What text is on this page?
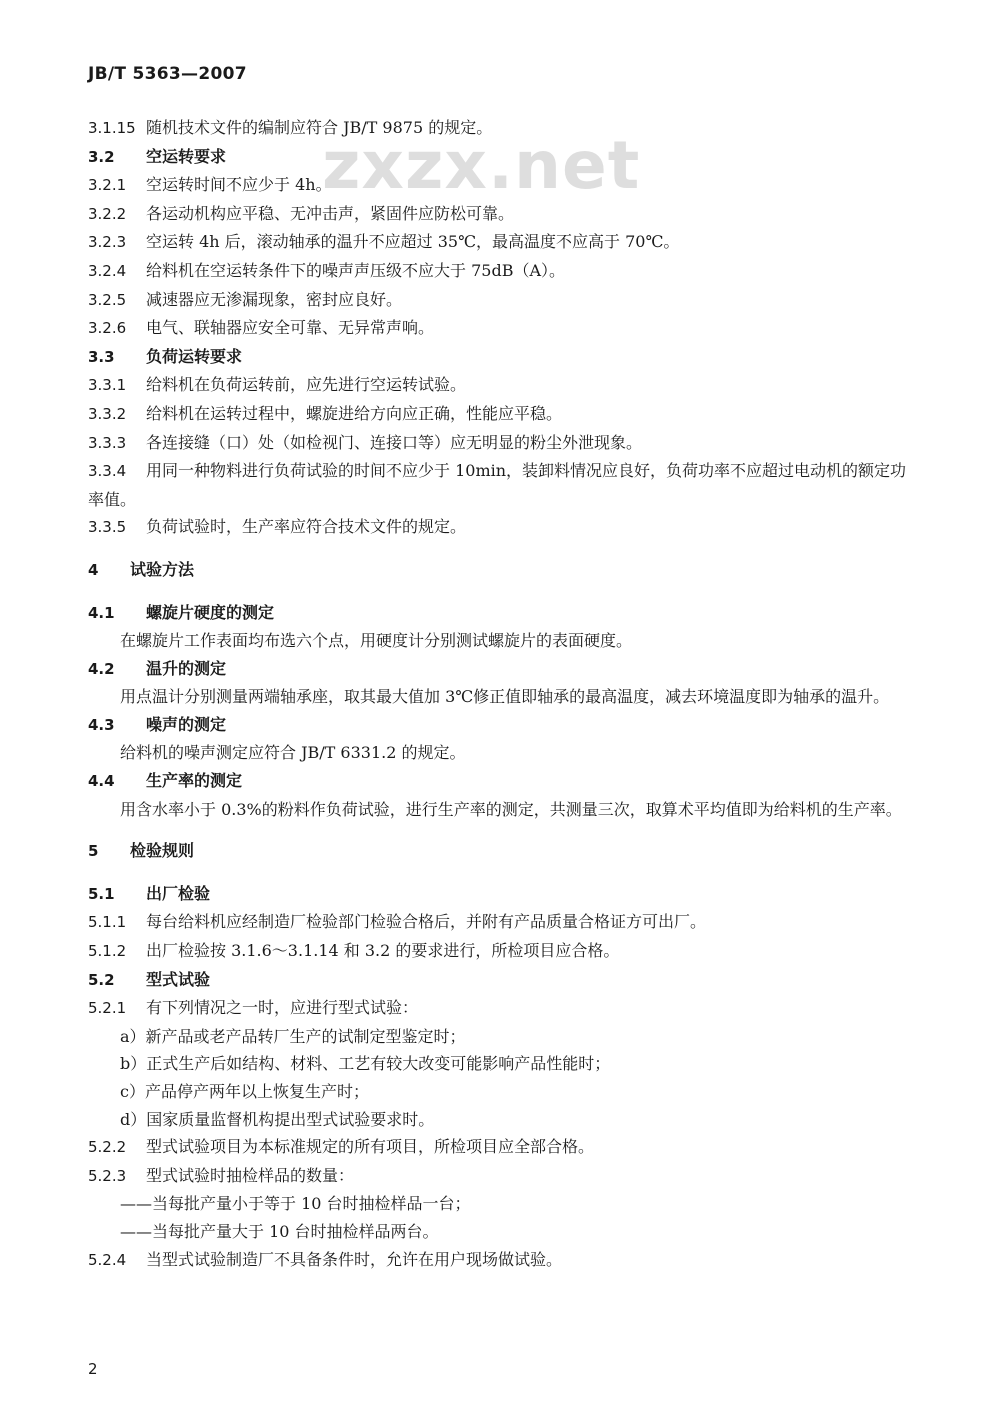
JB/T 5363—2007
zxzx.net
3.1.15 随机技术文件的编制应符合 JB/T 9875 的规定。
3.2 空运转要求
3.2.1 空运转时间不应少于 4h。
3.2.2 各运动机构应平稳、无冲击声，紧固件应防松可靠。
3.2.3 空运转 4h 后，滚动轴承的温升不应超过 35℃，最高温度不应高于 70℃。
3.2.4 给料机在空运转条件下的噪声声压级不应大于 75dB（A）。
3.2.5 减速器应无渗漏现象，密封应良好。
3.2.6 电气、联轴器应安全可靠、无异常声响。
3.3 负荷运转要求
3.3.1 给料机在负荷运转前，应先进行空运转试验。
3.3.2 给料机在运转过程中，螺旋进给方向应正确，性能应平稳。
3.3.3 各连接缝（口）处（如检视门、连接口等）应无明显的粉尘外泄现象。
3.3.4 用同一种物料进行负荷试验的时间不应少于 10min，装卸料情况应良好，负荷功率不应超过电动机的额定功率值。
3.3.5 负荷试验时，生产率应符合技术文件的规定。
4 试验方法
4.1 螺旋片硬度的测定
在螺旋片工作表面均布选六个点，用硬度计分别测试螺旋片的表面硬度。
4.2 温升的测定
用点温计分别测量两端轴承座，取其最大值加 3℃修正值即轴承的最高温度，减去环境温度即为轴承的温升。
4.3 噪声的测定
给料机的噪声测定应符合 JB/T 6331.2 的规定。
4.4 生产率的测定
用含水率小于 0.3%的粉料作负荷试验，进行生产率的测定，共测量三次，取算术平均值即为给料机的生产率。
5 检验规则
5.1 出厂检验
5.1.1 每台给料机应经制造厂检验部门检验合格后，并附有产品质量合格证方可出厂。
5.1.2 出厂检验按 3.1.6～3.1.14 和 3.2 的要求进行，所检项目应合格。
5.2 型式试验
5.2.1 有下列情况之一时，应进行型式试验：
a）新产品或老产品转厂生产的试制定型鉴定时；
b）正式生产后如结构、材料、工艺有较大改变可能影响产品性能时；
c）产品停产两年以上恢复生产时；
d）国家质量监督机构提出型式试验要求时。
5.2.2 型式试验项目为本标准规定的所有项目，所检项目应全部合格。
5.2.3 型式试验时抽检样品的数量：
——当每批产量小于等于 10 台时抽检样品一台；
——当每批产量大于 10 台时抽检样品两台。
5.2.4 当型式试验制造厂不具备条件时，允许在用户现场做试验。
2
